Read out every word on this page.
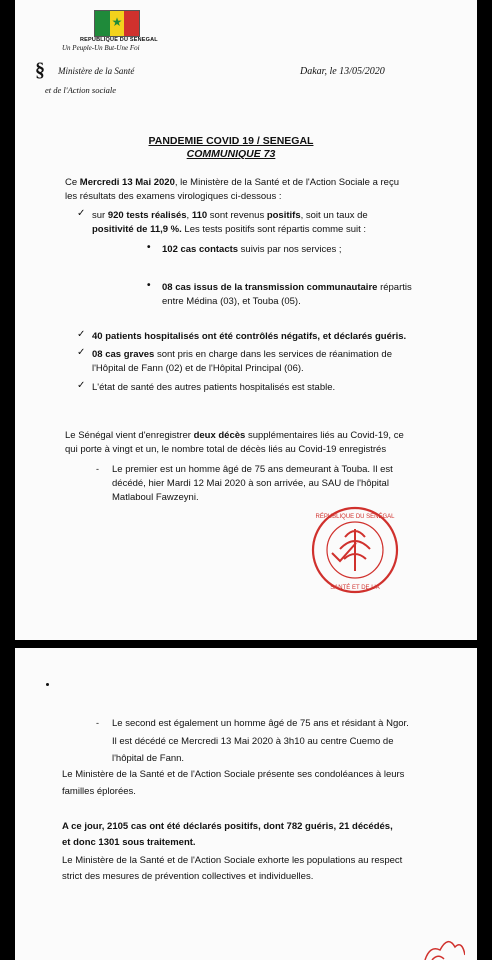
★
REPUBLIQUE DU SENEGAL
Un Peuple-Un But-Une Foi
§ Ministère de la Santé
et de l'Action sociale
Dakar, le 13/05/2020
PANDEMIE COVID 19 / SENEGAL
COMMUNIQUE 73
Ce Mercredi 13 Mai 2020, le Ministère de la Santé et de l'Action Sociale a reçu
les résultats des examens virologiques ci-dessous :
✓ sur 920 tests réalisés, 110 sont revenus positifs, soit un taux de
positivité de 11,9 %. Les tests positifs sont répartis comme suit :
• 102 cas contacts suivis par nos services ;
• 08 cas issus de la transmission communautaire répartis
entre Médina (03), et Touba (05).
✓ 40 patients hospitalisés ont été contrôlés négatifs, et déclarés guéris.
✓ 08 cas graves sont pris en charge dans les services de réanimation de
l'Hôpital de Fann (02) et de l'Hôpital Principal (06).
✓ L'état de santé des autres patients hospitalisés est stable.
Le Sénégal vient d'enregistrer deux décès supplémentaires liés au Covid-19, ce
qui porte à vingt et un, le nombre total de décès liés au Covid-19 enregistrés
- Le premier est un homme âgé de 75 ans demeurant à Touba. Il est
décédé, hier Mardi 12 Mai 2020 à son arrivée, au SAU de l'hôpital
Matlaboul Fawzeyni.
RÉPUBLIQUE DU SÉNÉGAL
SANTÉ ET DE L'A
- Le second est également un homme âgé de 75 ans et résidant à Ngor.
Il est décédé ce Mercredi 13 Mai 2020 à 3h10 au centre Cuemo de
l'hôpital de Fann.
Le Ministère de la Santé et de l'Action Sociale présente ses condoléances à leurs
familles éplorées.
A ce jour, 2105 cas ont été déclarés positifs, dont 782 guéris, 21 décédés,
et donc 1301 sous traitement.
Le Ministère de la Santé et de l'Action Sociale exhorte les populations au respect
strict des mesures de prévention collectives et individuelles.
